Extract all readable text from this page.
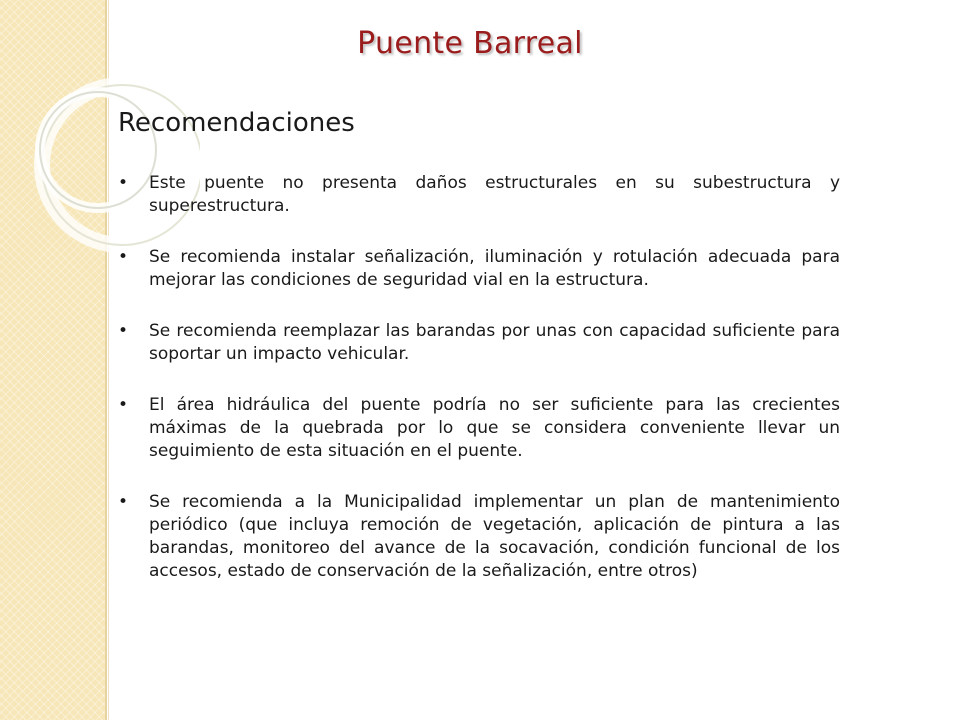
Puente Barreal
Recomendaciones
• Este puente no presenta daños estructurales en su subestructura y superestructura.
• Se recomienda instalar señalización, iluminación y rotulación adecuada para mejorar las condiciones de seguridad vial en la estructura.
• Se recomienda reemplazar las barandas por unas con capacidad suficiente para soportar un impacto vehicular.
• El área hidráulica del puente podría no ser suficiente para las crecientes máximas de la quebrada por lo que se considera conveniente llevar un seguimiento de esta situación en el puente.
• Se recomienda a la Municipalidad implementar un plan de mantenimiento periódico (que incluya remoción de vegetación, aplicación de pintura a las barandas, monitoreo del avance de la socavación, condición funcional de los accesos, estado de conservación de la señalización, entre otros)
